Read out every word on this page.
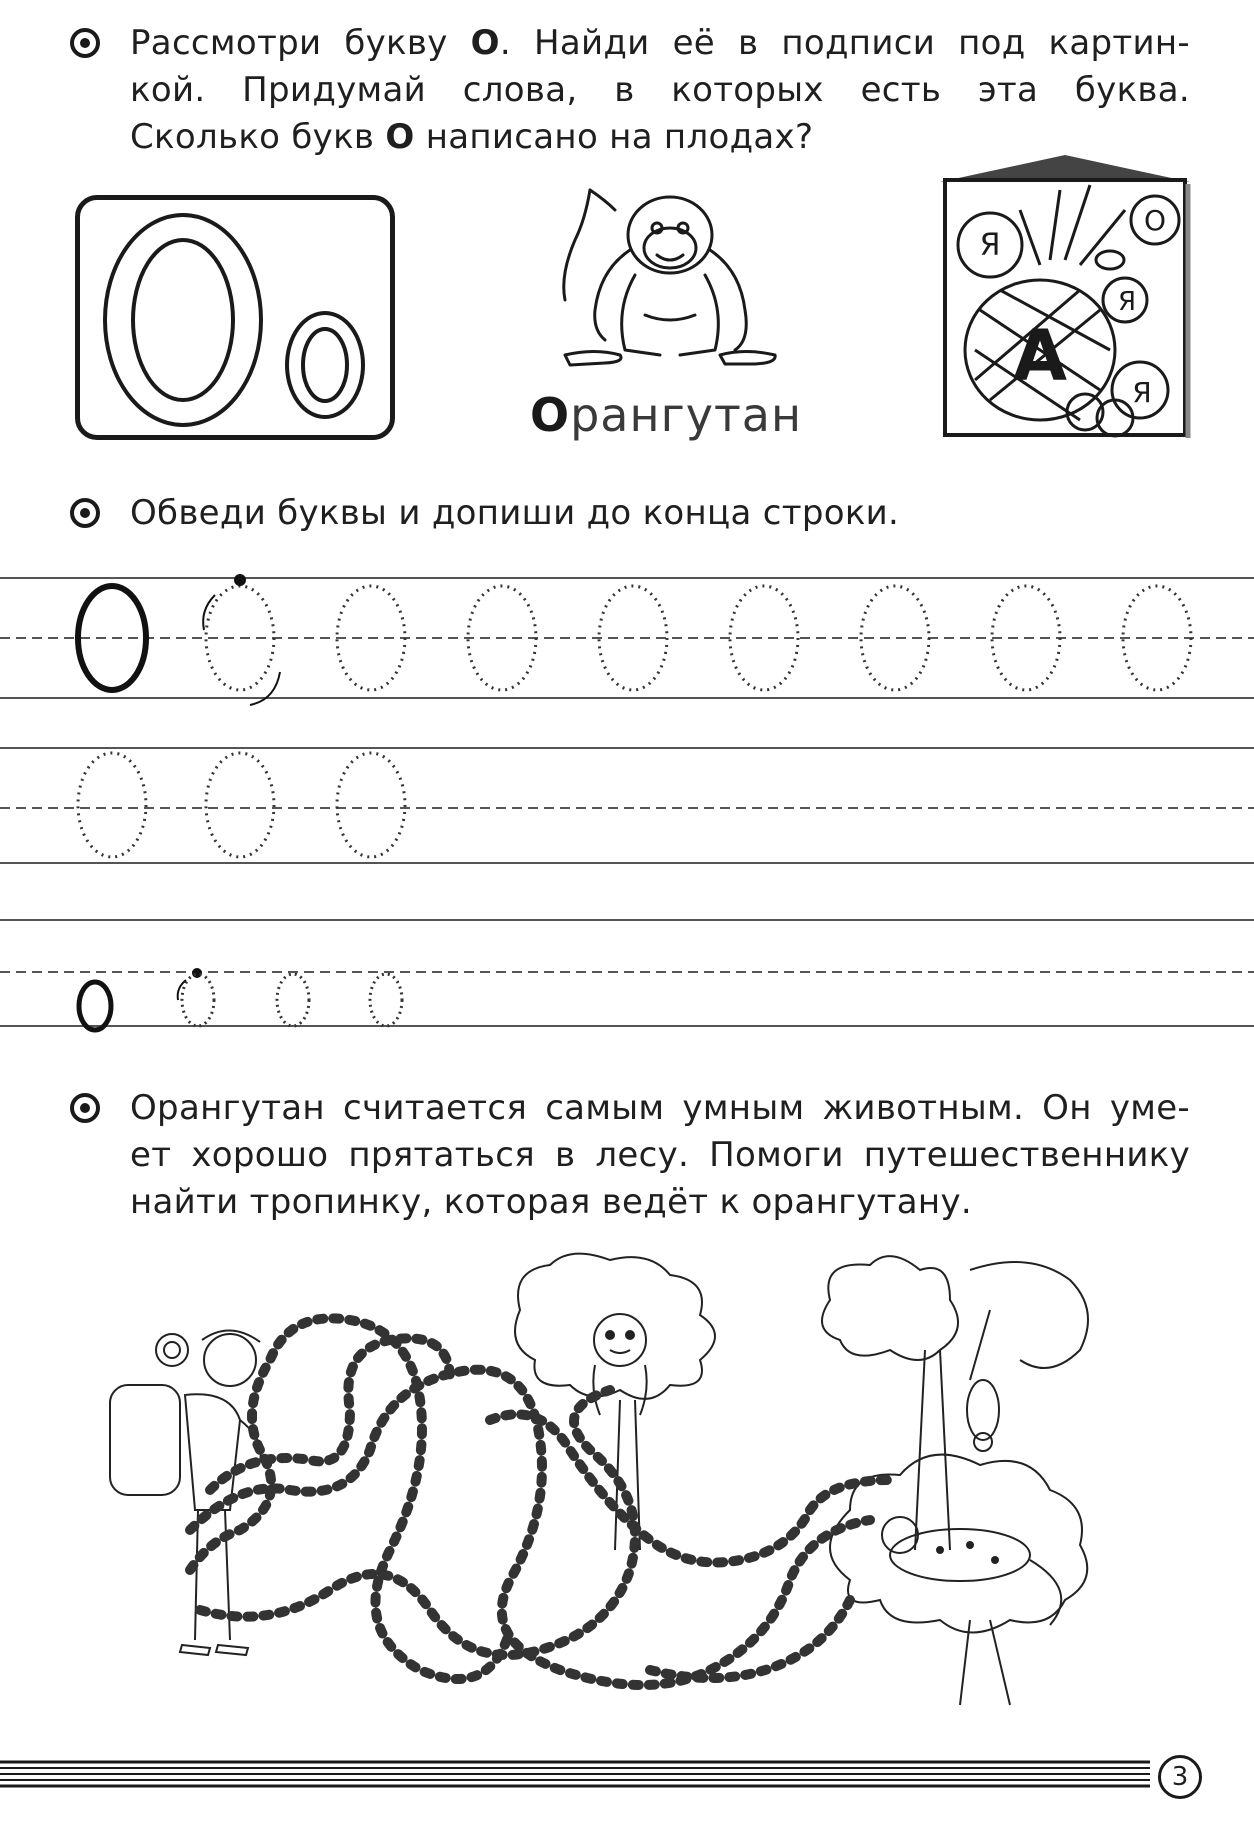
Рассмотри букву О. Найди её в подписи под картин-
кой. Придумай слова, в которых есть эта буква.
Сколько букв О написано на плодах?
Орангутан
Я
О
Я
А Я
Обведи буквы и допиши до конца строки.
Орангутан считается самым умным животным. Он уме-
ет хорошо прятаться в лесу. Помоги путешественнику
найти тропинку, которая ведёт к орангутану.
3
